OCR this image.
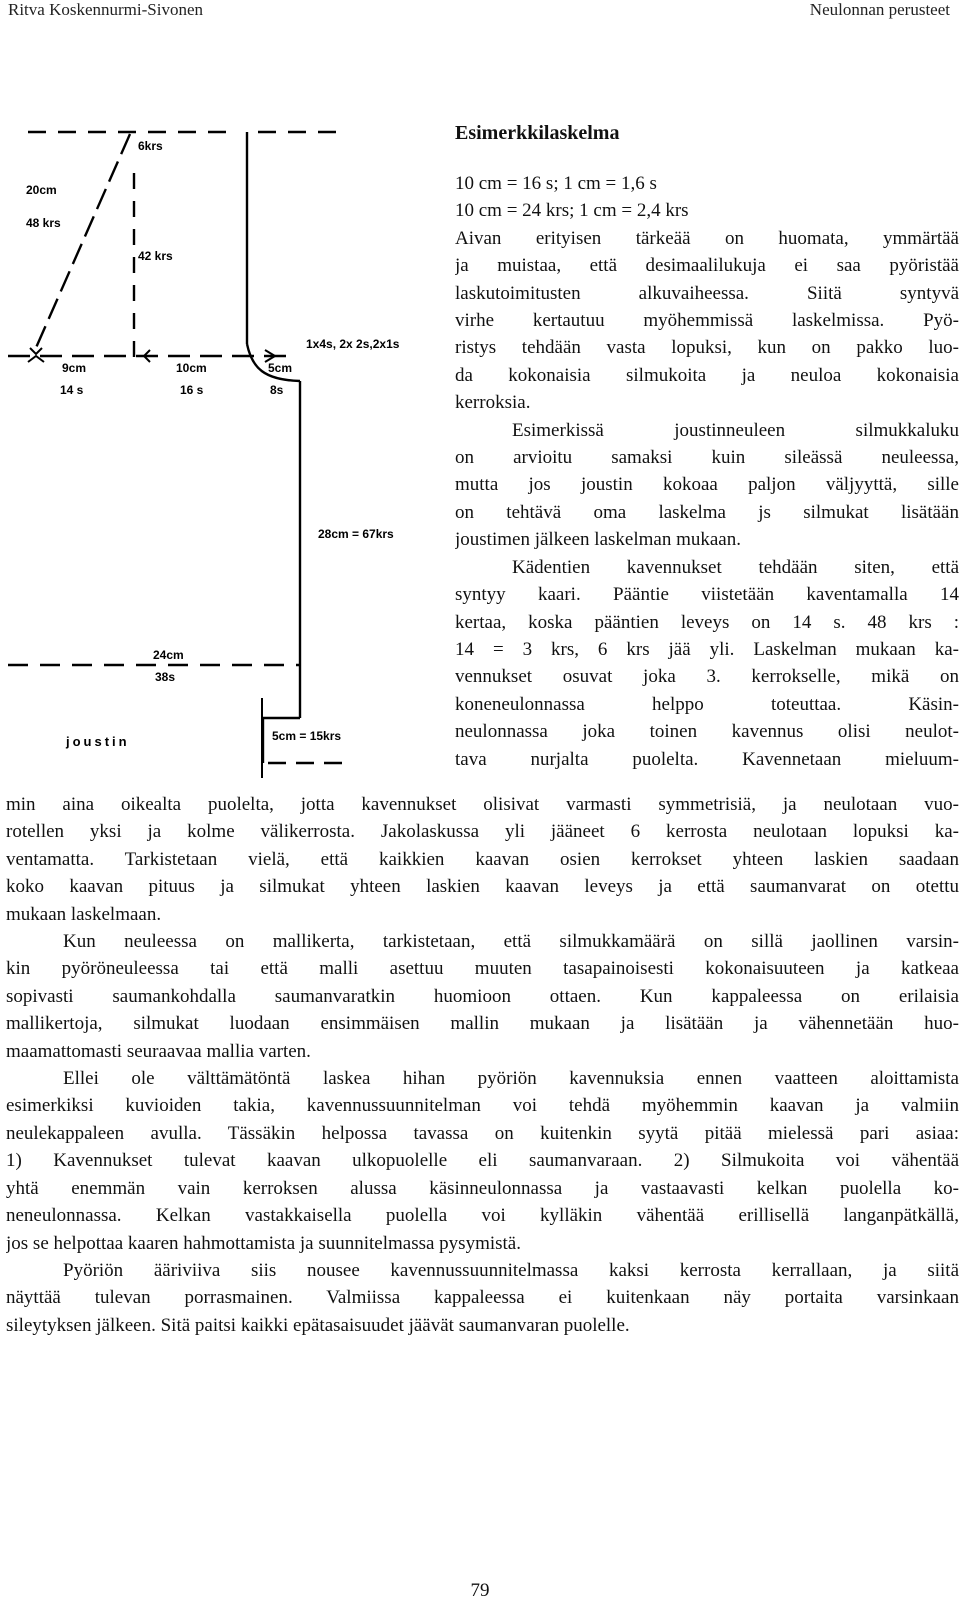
Ritva Koskennurmi-Sivonen	Neulonnan perusteet
6krs
20cm
48 krs
42 krs
9cm
14 s
10cm
16 s
5cm
8s
1x4s, 2x 2s,2x1s
28cm = 67krs
24cm
38s
joustin	5cm = 15krs
Esimerkkilaskelma
10 cm = 16 s; 1 cm = 1,6 s
10 cm = 24 krs; 1 cm = 2,4 krs
Aivan erityisen tärkeää on huomata, ymmärtää
ja muistaa, että desimaalilukuja ei saa pyöristää
laskutoimitusten alkuvaiheessa. Siitä syntyvä
virhe kertautuu myöhemmissä laskelmissa. Pyö-
ristys tehdään vasta lopuksi, kun on pakko luo-
da kokonaisia silmukoita ja neuloa kokonaisia
kerroksia.
Esimerkissä joustinneuleen silmukkaluku
on arvioitu samaksi kuin sileässä neuleessa,
mutta jos joustin kokoaa paljon väljyyttä, sille
on tehtävä oma laskelma js silmukat lisätään
joustimen jälkeen laskelman mukaan.
Kädentien kavennukset tehdään siten, että
syntyy kaari. Pääntie viistetään kaventamalla 14
kertaa, koska pääntien leveys on 14 s. 48 krs :
14 = 3 krs, 6 krs jää yli. Laskelman mukaan ka-
vennukset osuvat joka 3. kerrokselle, mikä on
koneneulonnassa helppo toteuttaa. Käsin-
neulonnassa joka toinen kavennus olisi neulot-
tava nurjalta puolelta. Kavennetaan mieluum-
min aina oikealta puolelta, jotta kavennukset olisivat varmasti symmetrisiä, ja neulotaan vuo-
rotellen yksi ja kolme välikerrosta. Jakolaskussa yli jääneet 6 kerrosta neulotaan lopuksi ka-
ventamatta. Tarkistetaan vielä, että kaikkien kaavan osien kerrokset yhteen laskien saadaan
koko kaavan pituus ja silmukat yhteen laskien kaavan leveys ja että saumanvarat on otettu
mukaan laskelmaan.
Kun neuleessa on mallikerta, tarkistetaan, että silmukkamäärä on sillä jaollinen varsin-
kin pyöröneuleessa tai että malli asettuu muuten tasapainoisesti kokonaisuuteen ja katkeaa
sopivasti saumankohdalla saumanvaratkin huomioon ottaen. Kun kappaleessa on erilaisia
mallikertoja, silmukat luodaan ensimmäisen mallin mukaan ja lisätään ja vähennetään huo-
maamattomasti seuraavaa mallia varten.
Ellei ole välttämätöntä laskea hihan pyöriön kavennuksia ennen vaatteen aloittamista
esimerkiksi kuvioiden takia, kavennussuunnitelman voi tehdä myöhemmin kaavan ja valmiin
neulekappaleen avulla. Tässäkin helpossa tavassa on kuitenkin syytä pitää mielessä pari asiaa:
1) Kavennukset tulevat kaavan ulkopuolelle eli saumanvaraan. 2) Silmukoita voi vähentää
yhtä enemmän vain kerroksen alussa käsinneulonnassa ja vastaavasti kelkan puolella ko-
neneulonnassa. Kelkan vastakkaisella puolella voi kylläkin vähentää erillisellä langanpätkällä,
jos se helpottaa kaaren hahmottamista ja suunnitelmassa pysymistä.
Pyöriön ääriviiva siis nousee kavennussuunnitelmassa kaksi kerrosta kerrallaan, ja siitä
näyttää tulevan porrasmainen. Valmiissa kappaleessa ei kuitenkaan näy portaita varsinkaan
sileytyksen jälkeen. Sitä paitsi kaikki epätasaisuudet jäävät saumanvaran puolelle.
79
